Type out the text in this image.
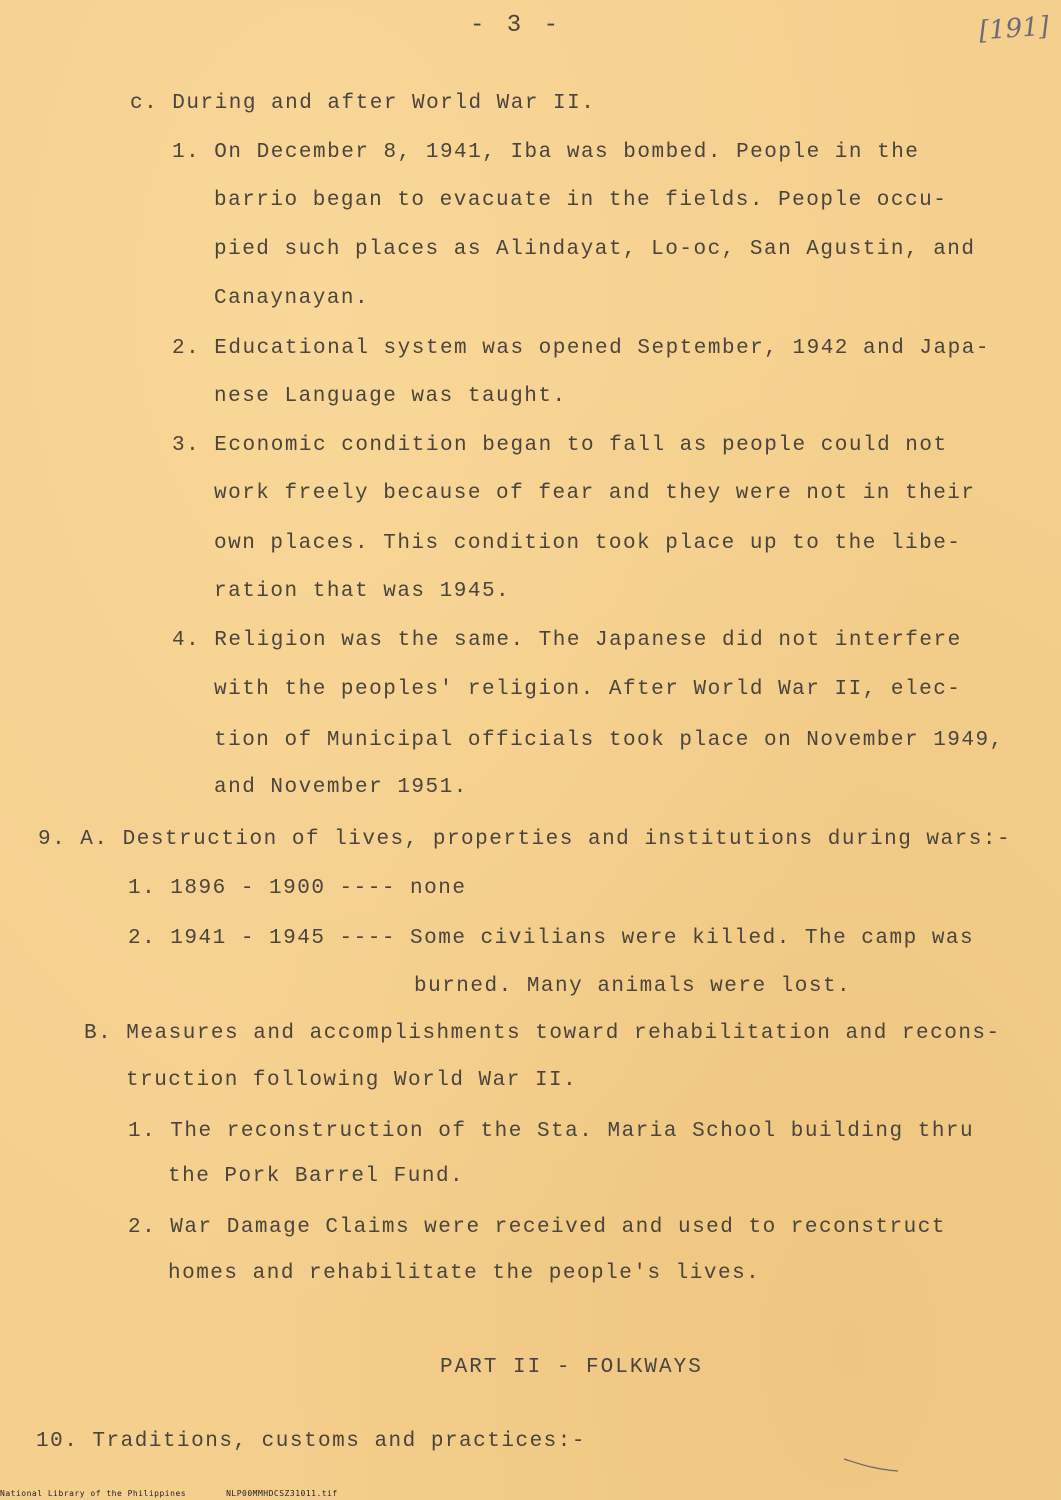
- 3 -	[191]
c. During and after World War II.
1. On December 8, 1941, Iba was bombed. People in the
barrio began to evacuate in the fields. People occu-
pied such places as Alindayat, Lo-oc, San Agustin, and
Canaynayan.
2. Educational system was opened September, 1942 and Japa-
nese Language was taught.
3. Economic condition began to fall as people could not
work freely because of fear and they were not in their
own places. This condition took place up to the libe-
ration that was 1945.
4. Religion was the same. The Japanese did not interfere
with the peoples' religion. After World War II, elec-
tion of Municipal officials took place on November 1949,
and November 1951.
9. A. Destruction of lives, properties and institutions during wars:-
1. 1896 - 1900 ---- none
2. 1941 - 1945 ---- Some civilians were killed. The camp was
burned. Many animals were lost.
B. Measures and accomplishments toward rehabilitation and recons-
truction following World War II.
1. The reconstruction of the Sta. Maria School building thru
the Pork Barrel Fund.
2. War Damage Claims were received and used to reconstruct
homes and rehabilitate the people's lives.
PART II - FOLKWAYS
10. Traditions, customs and practices:-
National Library of the Philippines	NLP00MMHDCSZ31011.tif
